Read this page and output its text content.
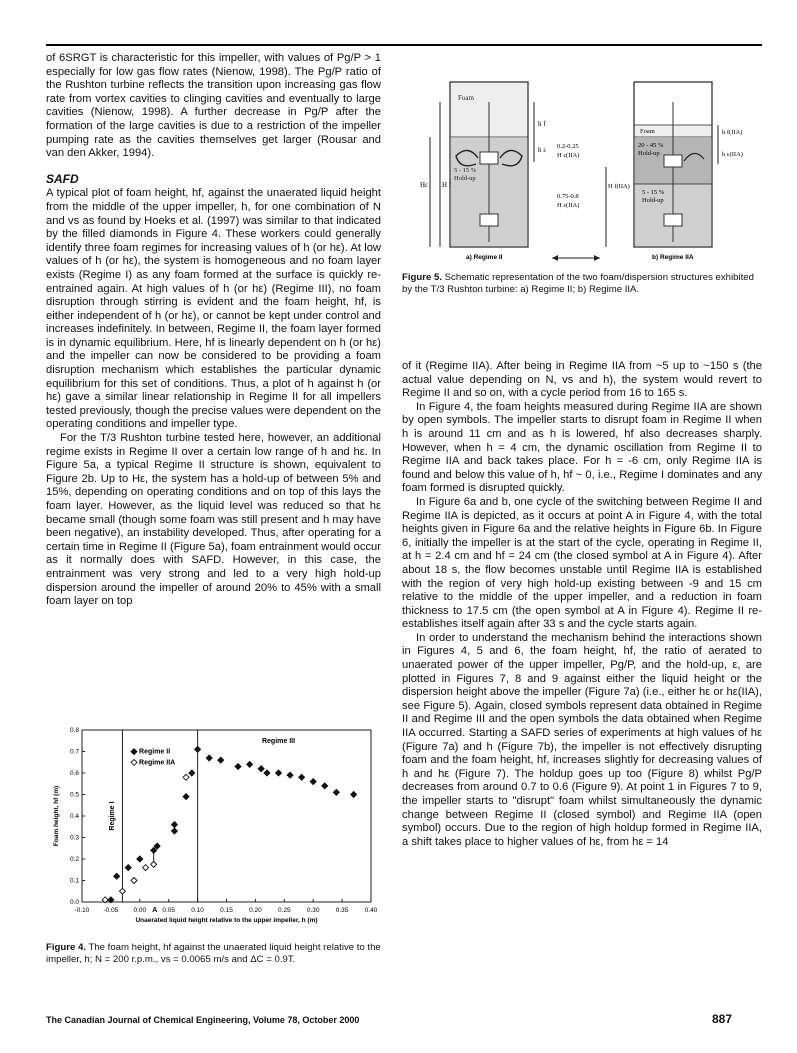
of 6SRGT is characteristic for this impeller, with values of Pg/P > 1 especially for low gas flow rates (Nienow, 1998). The Pg/P ratio of the Rushton turbine reflects the transition upon increasing gas flow rate from vortex cavities to clinging cavities and eventually to large cavities (Nienow, 1998). A further decrease in Pg/P after the formation of the large cavities is due to a restriction of the impeller pumping rate as the cavities themselves get larger (Rousar and van den Akker, 1994).

SAFD

A typical plot of foam height, hf, against the unaerated liquid height from the middle of the upper impeller, h, for one combination of N and vs as found by Hoeks et al. (1997) was similar to that indicated by the filled diamonds in Figure 4. These workers could generally identify three foam regimes for increasing values of h (or hε). At low values of h (or hε), the system is homogeneous and no foam layer exists (Regime I) as any foam formed at the surface is quickly re-entrained again. At high values of h (or hε) (Regime III), no foam disruption through stirring is evident and the foam height, hf, is either independent of h (or hε), or cannot be kept under control and increases indefinitely. In between, Regime II, the foam layer formed is in dynamic equilibrium. Here, hf is linearly dependent on h (or hε) and the impeller can now be considered to be providing a foam disruption mechanism which establishes the particular dynamic equilibrium for this set of conditions. Thus, a plot of h against h (or hε) gave a similar linear relationship in Regime II for all impellers tested previously, though the precise values were dependent on the operating conditions and impeller type.

For the T/3 Rushton turbine tested here, however, an additional regime exists in Regime II over a certain low range of h and hε. In Figure 5a, a typical Regime II structure is shown, equivalent to Figure 2b. Up to Hε, the system has a hold-up of between 5% and 15%, depending on operating conditions and on top of this lays the foam layer. However, as the liquid level was reduced so that hε became small (though some foam was still present and h may have been negative), an instability developed. Thus, after operating for a certain time in Regime II (Figure 5a), foam entrainment would occur as it normally does with SAFD. However, in this case, the entrainment was very strong and led to a very high hold-up dispersion around the impeller of around 20% to 45% with a small foam layer on top

Foam
5 - 15 %
Hold-up
h f
h ε
Hε H f
a) Regime II
0.2-0.25
H ε(IIA)
0.75-0.8
H ε(IIA)
H f(IIA)
Foam
20 - 45 %
Hold-up
5 - 15 %
Hold-up
h f(IIA)
h ε(IIA)
b) Regime IIA
Figure 5. Schematic representation of the two foam/dispersion structures exhibited by the T/3 Rushton turbine: a) Regime II; b) Regime IIA.

of it (Regime IIA). After being in Regime IIA from ~5 up to ~150 s (the actual value depending on N, vs and h), the system would revert to Regime II and so on, with a cycle period from 16 to 165 s.

In Figure 4, the foam heights measured during Regime IIA are shown by open symbols. The impeller starts to disrupt foam in Regime II when h is around 11 cm and as h is lowered, hf also decreases sharply. However, when h = 4 cm, the dynamic oscillation from Regime II to Regime IIA and back takes place. For h = -6 cm, only Regime IIA is found and below this value of h, hf ~ 0, i.e., Regime I dominates and any foam formed is disrupted quickly.

In Figure 6a and b, one cycle of the switching between Regime II and Regime IIA is depicted, as it occurs at point A in Figure 4, with the total heights given in Figure 6a and the relative heights in Figure 6b. In Figure 6, initially the impeller is at the start of the cycle, operating in Regime II, at h = 2.4 cm and hf = 24 cm (the closed symbol at A in Figure 4). After about 18 s, the flow becomes unstable until Regime IIA is established with the region of very high hold-up existing between -9 and 15 cm relative to the middle of the upper impeller, and a reduction in foam thickness to 17.5 cm (the open symbol at A in Figure 4). Regime II re-establishes itself again after 33 s and the cycle starts again.

In order to understand the mechanism behind the interactions shown in Figures 4, 5 and 6, the foam height, hf, the ratio of aerated to unaerated power of the upper impeller, Pg/P, and the hold-up, ε, are plotted in Figures 7, 8 and 9 against either the liquid height or the dispersion height above the impeller (Figure 7a) (i.e., either hε or hε(IIA), see Figure 5). Again, closed symbols represent data obtained in Regime II and Regime III and the open symbols the data obtained when Regime IIA occurred. Starting a SAFD series of experiments at high values of hε (Figure 7a) and h (Figure 7b), the impeller is not effectively disrupting foam and the foam height, hf, increases slightly for decreasing values of h and hε (Figure 7). The holdup goes up too (Figure 8) whilst Pg/P decreases from around 0.7 to 0.6 (Figure 9). At point 1 in Figures 7 to 9, the impeller starts to "disrupt" foam whilst simultaneously the dynamic change between Regime II (closed symbol) and Regime IIA (open symbol) occurs. Due to the region of high holdup formed in Regime IIA, a shift takes place to higher values of hε, from hε = 14

-0.10 -0.05 0.00 0.05 0.10 0.15 0.20 0.25 0.30 0.35 0.40
0.0
0.1
0.2
0.3
0.4
0.5
0.6
0.7
0.8
Unaerated liquid height relative to the upper impeller, h (m)
Foam height, hf (m)	Regime I
Regime III
A
Regime II
Regime IIA
Figure 4. The foam height, hf against the unaerated liquid height relative to the impeller, h; N = 200 r.p.m., vs = 0.0065 m/s and ΔC = 0.9T.
The Canadian Journal of Chemical Engineering, Volume 78, October 2000	887
